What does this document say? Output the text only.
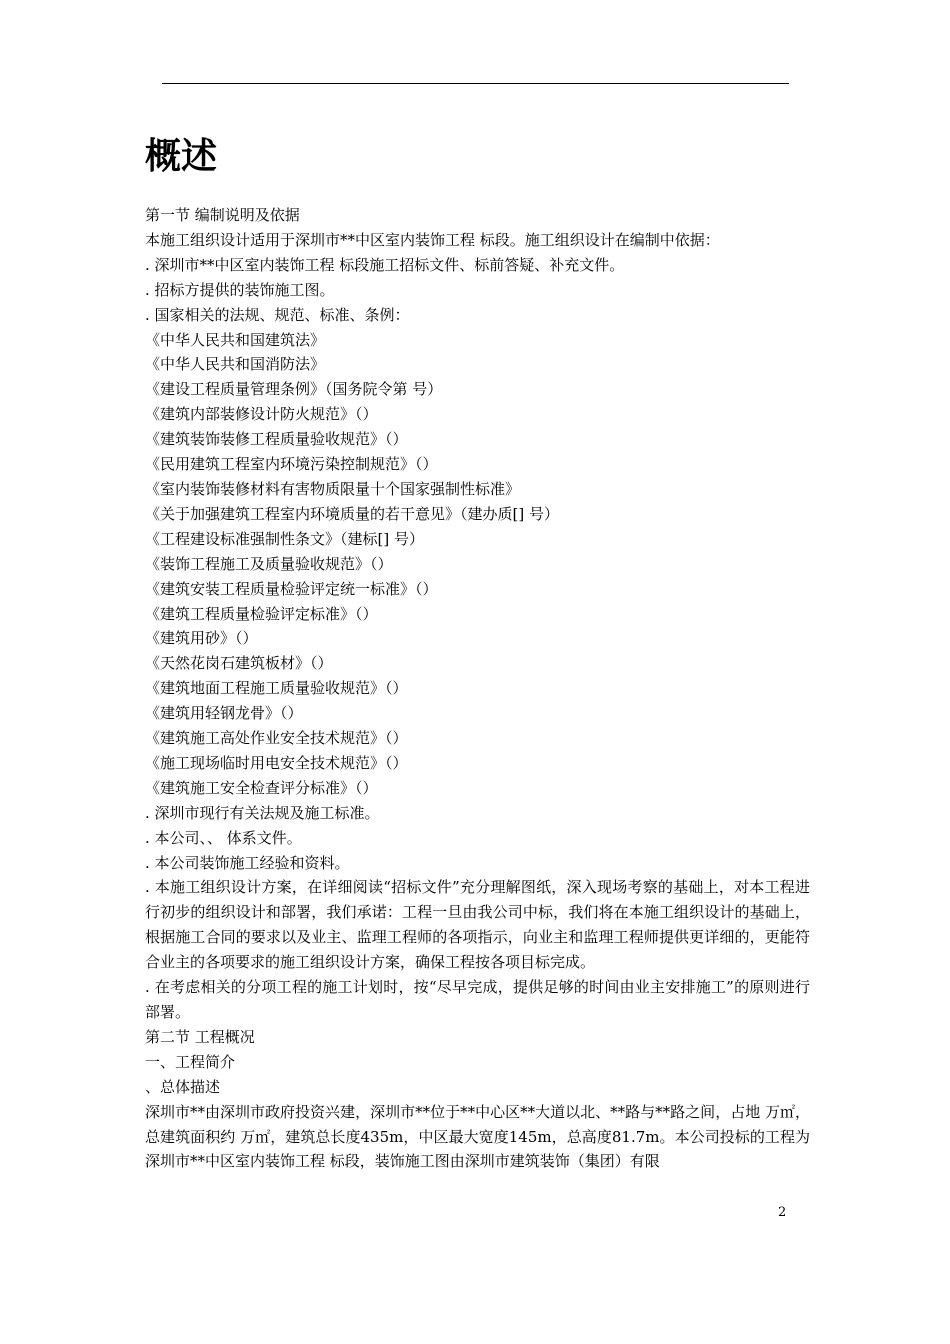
概述

第一节 编制说明及依据

本施工组织设计适用于深圳市**中区室内装饰工程 标段。施工组织设计在编制中依据：

. 深圳市**中区室内装饰工程 标段施工招标文件、标前答疑、补充文件。

. 招标方提供的装饰施工图。

. 国家相关的法规、规范、标准、条例：

《中华人民共和国建筑法》

《中华人民共和国消防法》

《建设工程质量管理条例》（国务院令第 号）

《建筑内部装修设计防火规范》（）

《建筑装饰装修工程质量验收规范》（）

《民用建筑工程室内环境污染控制规范》（）

《室内装饰装修材料有害物质限量十个国家强制性标准》

《关于加强建筑工程室内环境质量的若干意见》（建办质[] 号）

《工程建设标准强制性条文》（建标[] 号）

《装饰工程施工及质量验收规范》（）

《建筑安装工程质量检验评定统一标准》（）

《建筑工程质量检验评定标准》（）

《建筑用砂》（）

《天然花岗石建筑板材》（）

《建筑地面工程施工质量验收规范》（）

《建筑用轻钢龙骨》（）

《建筑施工高处作业安全技术规范》（）

《施工现场临时用电安全技术规范》（）

《建筑施工安全检查评分标准》（）

. 深圳市现行有关法规及施工标准。

. 本公司、、 体系文件。

. 本公司装饰施工经验和资料。

. 本施工组织设计方案，在详细阅读“招标文件”充分理解图纸，深入现场考察的基础上，对本工程进行初步的组织设计和部署，我们承诺：工程一旦由我公司中标，我们将在本施工组织设计的基础上，根据施工合同的要求以及业主、监理工程师的各项指示，向业主和监理工程师提供更详细的，更能符合业主的各项要求的施工组织设计方案，确保工程按各项目标完成。

. 在考虑相关的分项工程的施工计划时，按“尽早完成，提供足够的时间由业主安排施工”的原则进行部署。

第二节 工程概况

一、工程简介

、总体描述

深圳市**由深圳市政府投资兴建，深圳市**位于**中心区**大道以北、**路与**路之间，占地 万㎡，总建筑面积约 万㎡，建筑总长度435m，中区最大宽度145m，总高度81.7m。本公司投标的工程为深圳市**中区室内装饰工程 标段，装饰施工图由深圳市建筑装饰（集团）有限

2
